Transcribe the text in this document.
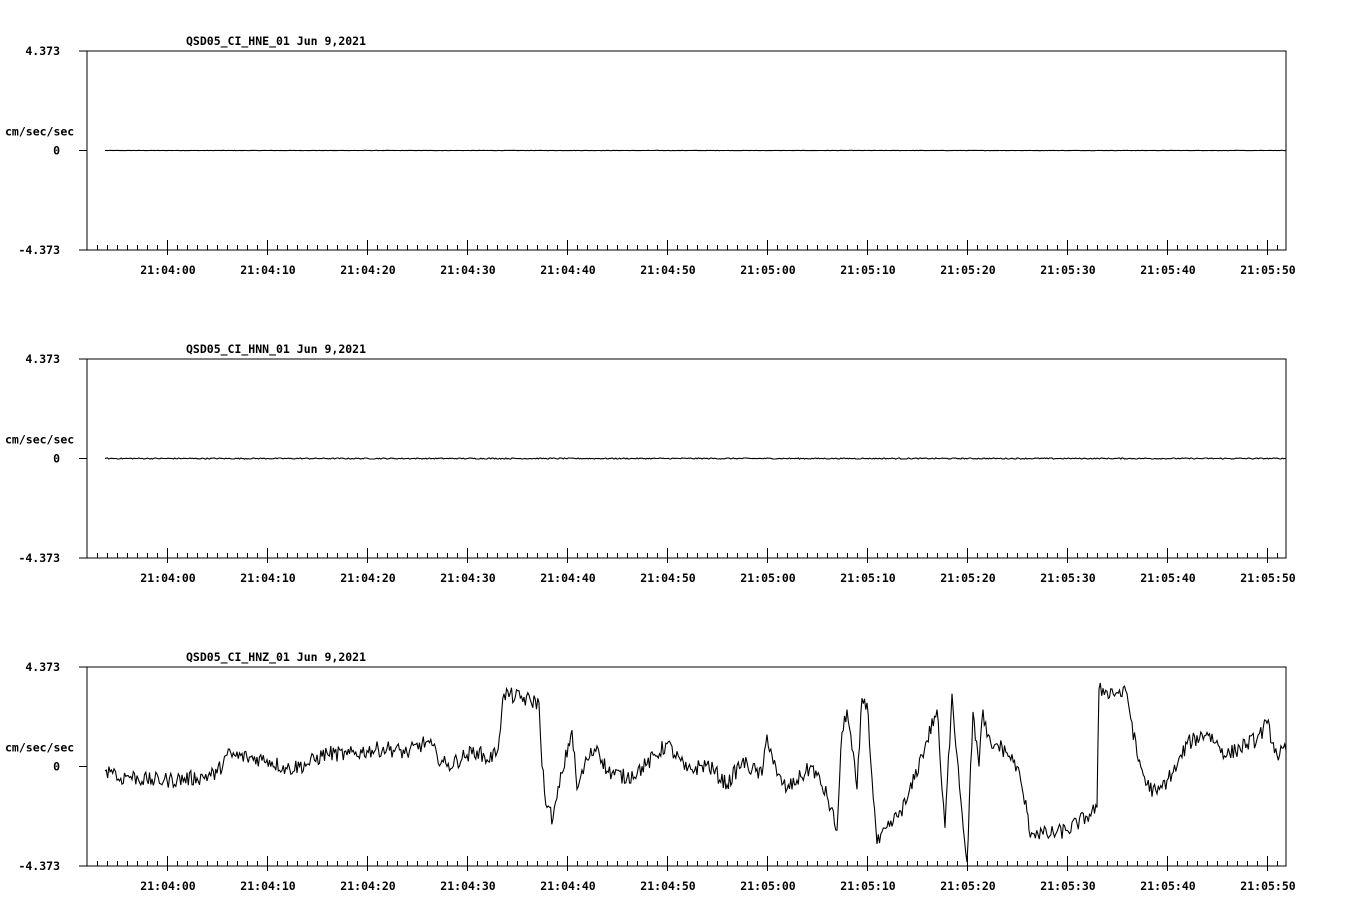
4.373
0
-4.373
cm/sec/sec
QSD05_CI_HNE_01 Jun 9,2021
21:04:00	21:04:10	21:04:20	21:04:30	21:04:40	21:04:50	21:05:00	21:05:10	21:05:20	21:05:30	21:05:40	21:05:50
4.373
0
-4.373
cm/sec/sec
QSD05_CI_HNN_01 Jun 9,2021
21:04:00	21:04:10	21:04:20	21:04:30	21:04:40	21:04:50	21:05:00	21:05:10	21:05:20	21:05:30	21:05:40	21:05:50
4.373
0
-4.373
cm/sec/sec
QSD05_CI_HNZ_01 Jun 9,2021
21:04:00	21:04:10	21:04:20	21:04:30	21:04:40	21:04:50	21:05:00	21:05:10	21:05:20	21:05:30	21:05:40	21:05:50
